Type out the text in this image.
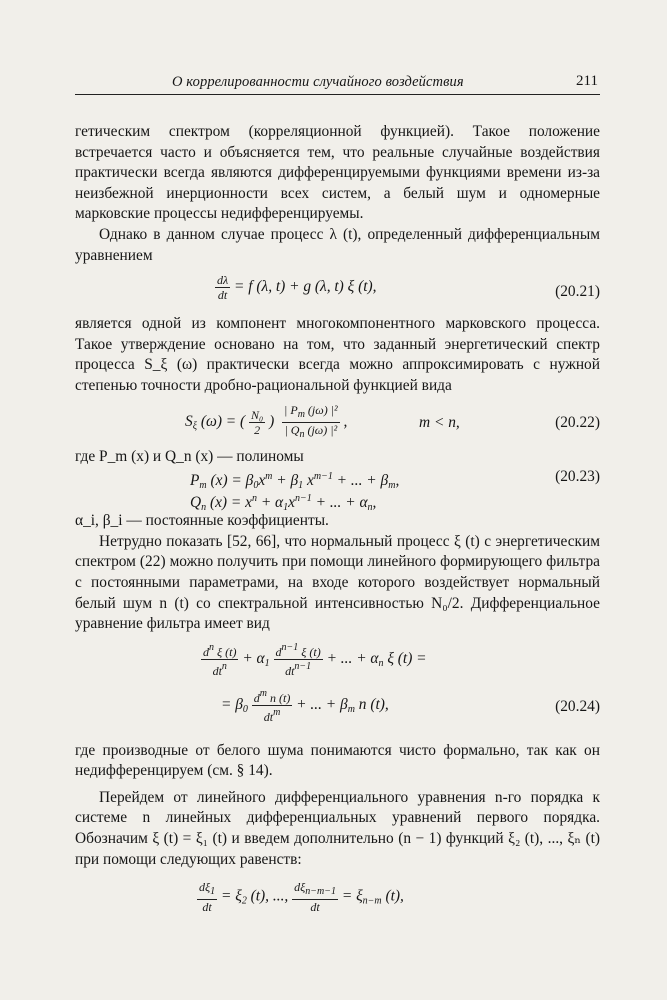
О коррелированности случайного воздействия	211

гетическим спектром (корреляционной функцией). Такое положение встречается часто и объясняется тем, что реальные случайные воздействия практически всегда являются дифференцируемыми функциями времени из-за неизбежной инерционности всех систем, а белый шум и одномерные марковские процессы недифференцируемы.

Однако в данном случае процесс λ (t), определенный дифференциальным уравнением

$\frac{d\lambda}{dt} = f$ (λ, t) + g (λ, t) ξ (t),	(20.21)

является одной из компонент многокомпонентного марковского процесса. Такое утверждение основано на том, что заданный энергетический спектр процесса S_ξ (ω) практически всегда можно аппроксимировать с нужной степенью точности дробно-рациональной функцией вида

Sξ (ω) = ( $\frac{\text{N₀}}{2}$ ) $\frac{| P_m (j\omega) |^2}{| Q_n (j\omega) |^2}$ ,	m < n,	(20.22)

где P_m (x) и Q_n (x) — полиномы

Pm $(x) = \beta 0x^m + \beta 1$ $x^{m-1}$ + ... + βm,
Qn $(x) = x^n + \alpha 1x^{n-1}$ + ... + αn,
(20.23)

α_i, β_i — постоянные коэффициенты.

Нетрудно показать [52, 66], что нормальный процесс ξ (t) с энергетическим спектром (22) можно получить при помощи линейного формирующего фильтра с постоянными параметрами, на входе которого воздействует нормальный белый шум n (t) со спектральной интенсивностью N₀/2. Дифференциальное уравнение фильтра имеет вид

$\frac{d^n \xi (t)}{dt^n} + \alpha 1 \frac{d^{n-1} \xi (t)}{dt^{n-1}}$ + ... + αn ξ (t) =
= $\beta 0 \frac{d^m n (t)}{dt^m}$ + ... + βm n (t),	(20.24)

где производные от белого шума понимаются чисто формально, так как он недифференцируем (см. § 14).

Перейдем от линейного дифференциального уравнения n-го порядка к системе n линейных дифференциальных уравнений первого порядка. Обозначим ξ (t) = ξ₁ (t) и введем дополнительно (n − 1) функций ξ₂ (t), ..., ξₙ (t) при помощи следующих равенств:

$\frac{d\xi_1}{dt} = \xi 2$ (t), ..., $\frac{d\xi_{n-m-1}}{dt} = \xi n-m$ (t),
